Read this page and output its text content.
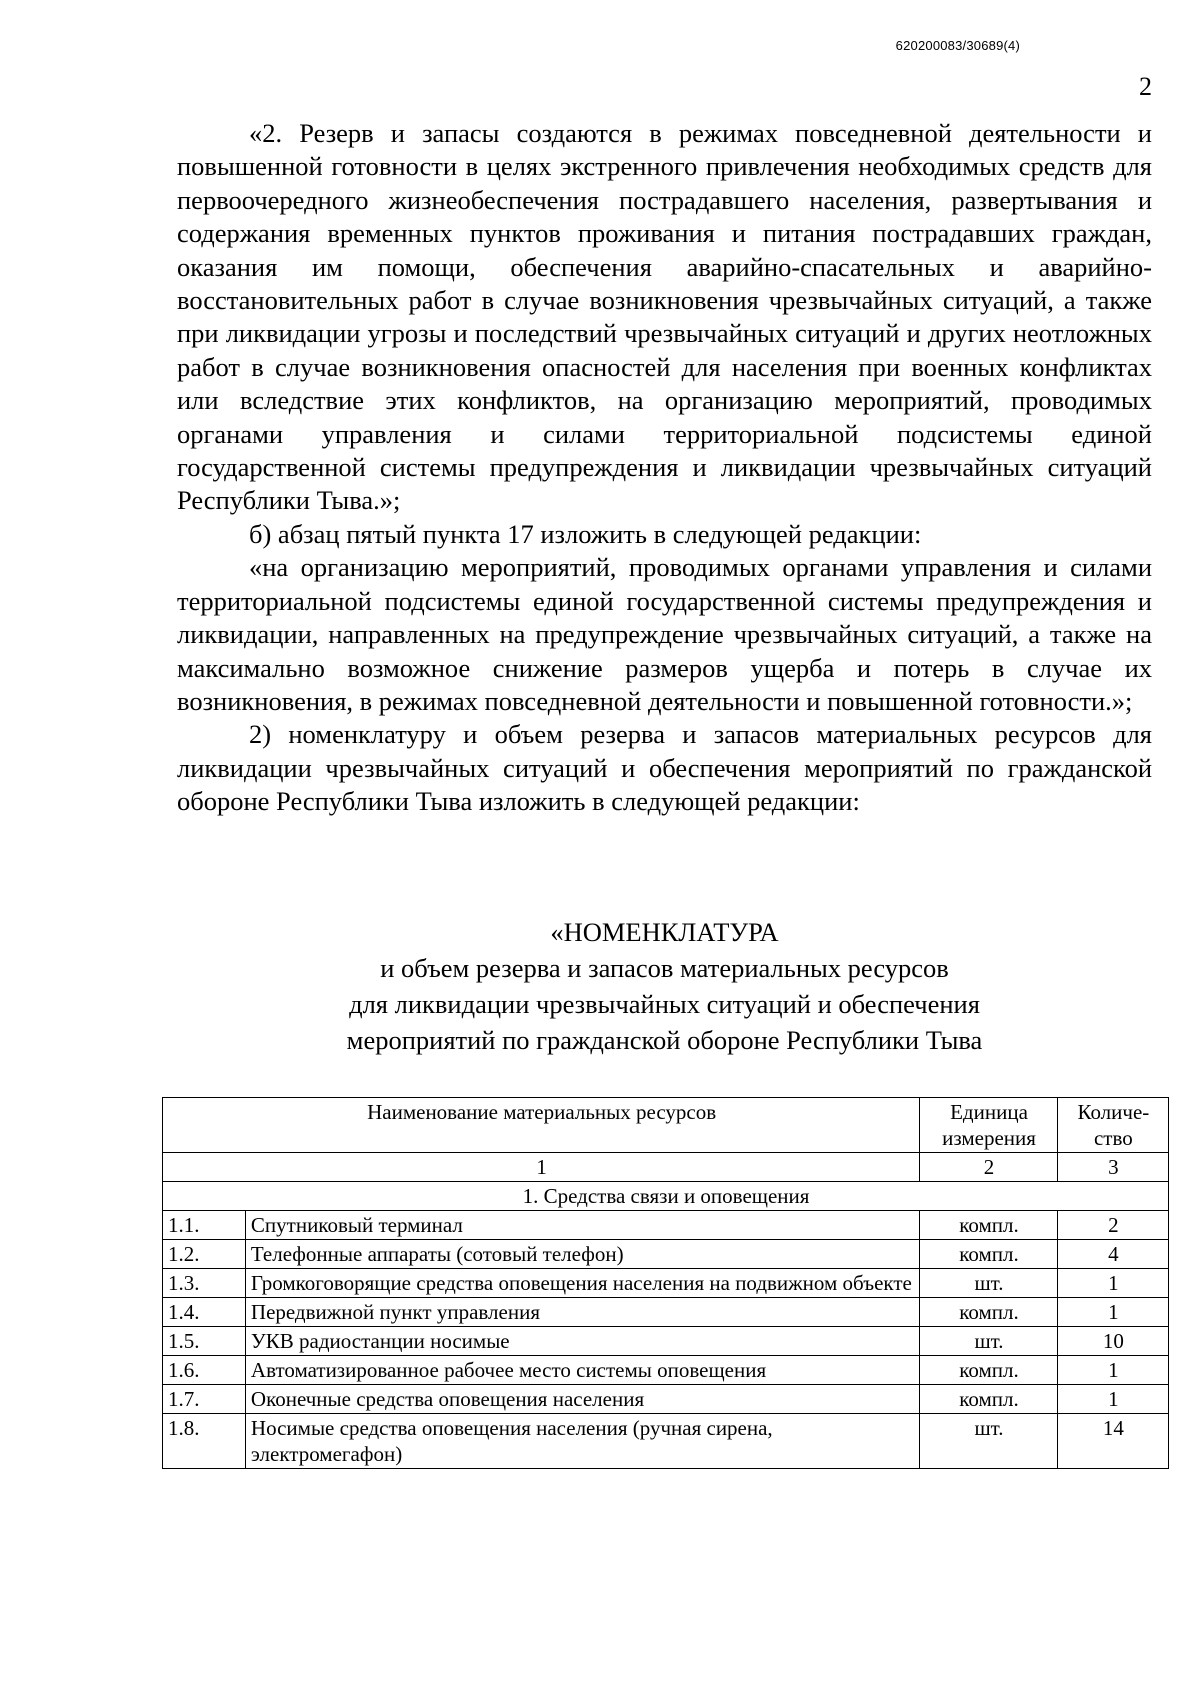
620200083/30689(4)
2

«2. Резерв и запасы создаются в режимах повседневной деятельности и повышенной готовности в целях экстренного привлечения необходимых средств для первоочередного жизнеобеспечения пострадавшего населения, развертывания и содержания временных пунктов проживания и питания пострадавших граждан, оказания им помощи, обеспечения аварийно-спасательных и аварийно-восстановительных работ в случае возникновения чрезвычайных ситуаций, а также при ликвидации угрозы и последствий чрезвычайных ситуаций и других неотложных работ в случае возникновения опасностей для населения при военных конфликтах или вследствие этих конфликтов, на организацию мероприятий, проводимых органами управления и силами территориальной подсистемы единой государственной системы предупреждения и ликвидации чрезвычайных ситуаций Республики Тыва.»;

б) абзац пятый пункта 17 изложить в следующей редакции:

«на организацию мероприятий, проводимых органами управления и силами территориальной подсистемы единой государственной системы предупреждения и ликвидации, направленных на предупреждение чрезвычайных ситуаций, а также на максимально возможное снижение размеров ущерба и потерь в случае их возникновения, в режимах повседневной деятельности и повышенной готовности.»;

2) номенклатуру и объем резерва и запасов материальных ресурсов для ликвидации чрезвычайных ситуаций и обеспечения мероприятий по гражданской обороне Республики Тыва изложить в следующей редакции:

«НОМЕНКЛАТУРА
и объем резерва и запасов материальных ресурсов
для ликвидации чрезвычайных ситуаций и обеспечения
мероприятий по гражданской обороне Республики Тыва
Наименование материальных ресурсов		Единица измерения	Количе-ство
1		2	3
1. Средства связи и оповещения			
1.1.	Спутниковый терминал	компл.	2
1.2.	Телефонные аппараты (сотовый телефон)	компл.	4
1.3.	Громкоговорящие средства оповещения населения на подвижном объекте	шт.	1
1.4.	Передвижной пункт управления	компл.	1
1.5.	УКВ радиостанции носимые	шт.	10
1.6.	Автоматизированное рабочее место системы оповещения	компл.	1
1.7.	Оконечные средства оповещения населения	компл.	1
1.8.	Носимые средства оповещения населения (ручная сирена, электромегафон)	шт.	14
